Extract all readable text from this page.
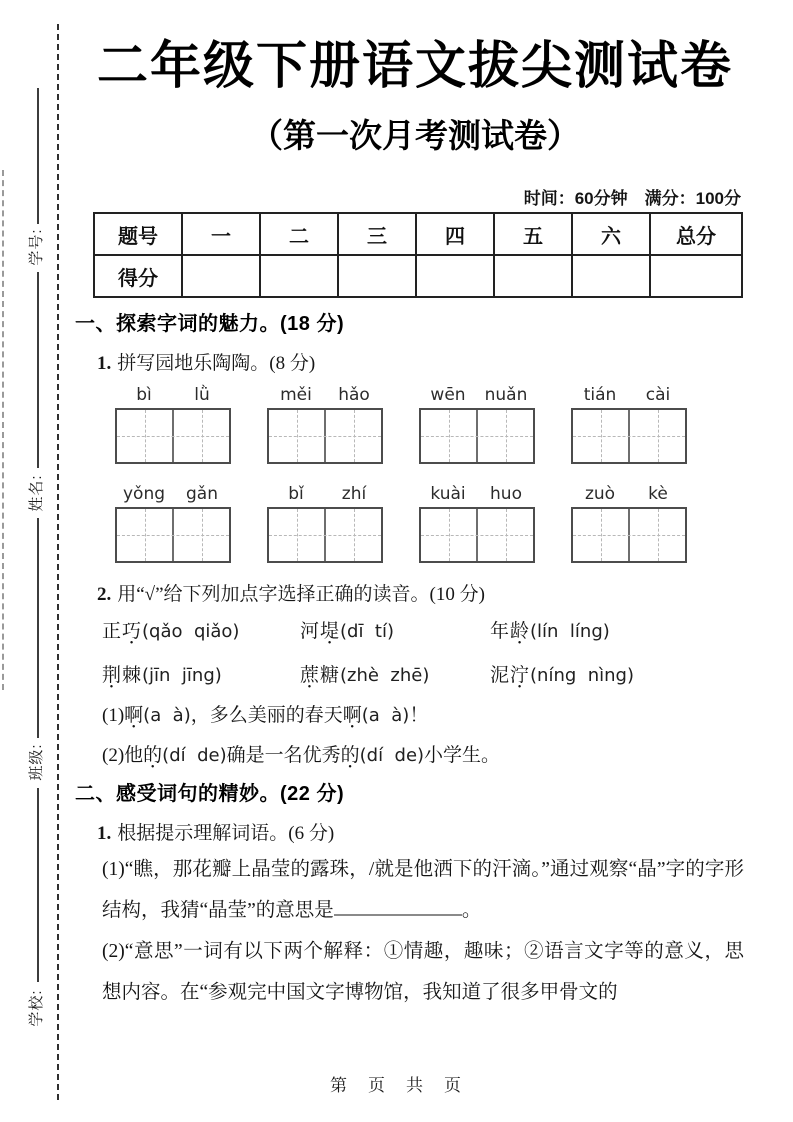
学号:
姓名:
班级:
学校:
二年级下册语文拔尖测试卷
（第一次月考测试卷）
时间：60分钟　满分：100分
题号	一	二	三	四	五	六	总分
得分							
一、探索字词的魅力。(18 分)
1. 拼写园地乐陶陶。(8 分)
bì	lǜ	měi	hǎo	wēn	nuǎn	tián	cài
yǒng	gǎn	bǐ	zhí	kuài	huo	zuò	kè
2. 用“√”给下列加点字选择正确的读音。(10 分)
正巧(qǎo  qiǎo)	河堤(dī  tí)	年龄(lín  líng)
荆棘(jīn  jīng)	蔗糖(zhè  zhē)	泥泞(níng  nìng)
(1)啊(a  à)，多么美丽的春天啊(a  à)！
(2)他的(dí  de)确是一名优秀的(dí  de)小学生。
二、感受词句的精妙。(22 分)
1. 根据提示理解词语。(6 分)
(1)“瞧，那花瓣上晶莹的露珠，/就是他洒下的汗滴。”通过观察“晶”字的字形结构，我猜“晶莹”的意思是	。
(2)“意思”一词有以下两个解释：①情趣，趣味；②语言文字等的意义，思想内容。在“参观完中国文字博物馆，我知道了很多甲骨文的
第　页　共　页
